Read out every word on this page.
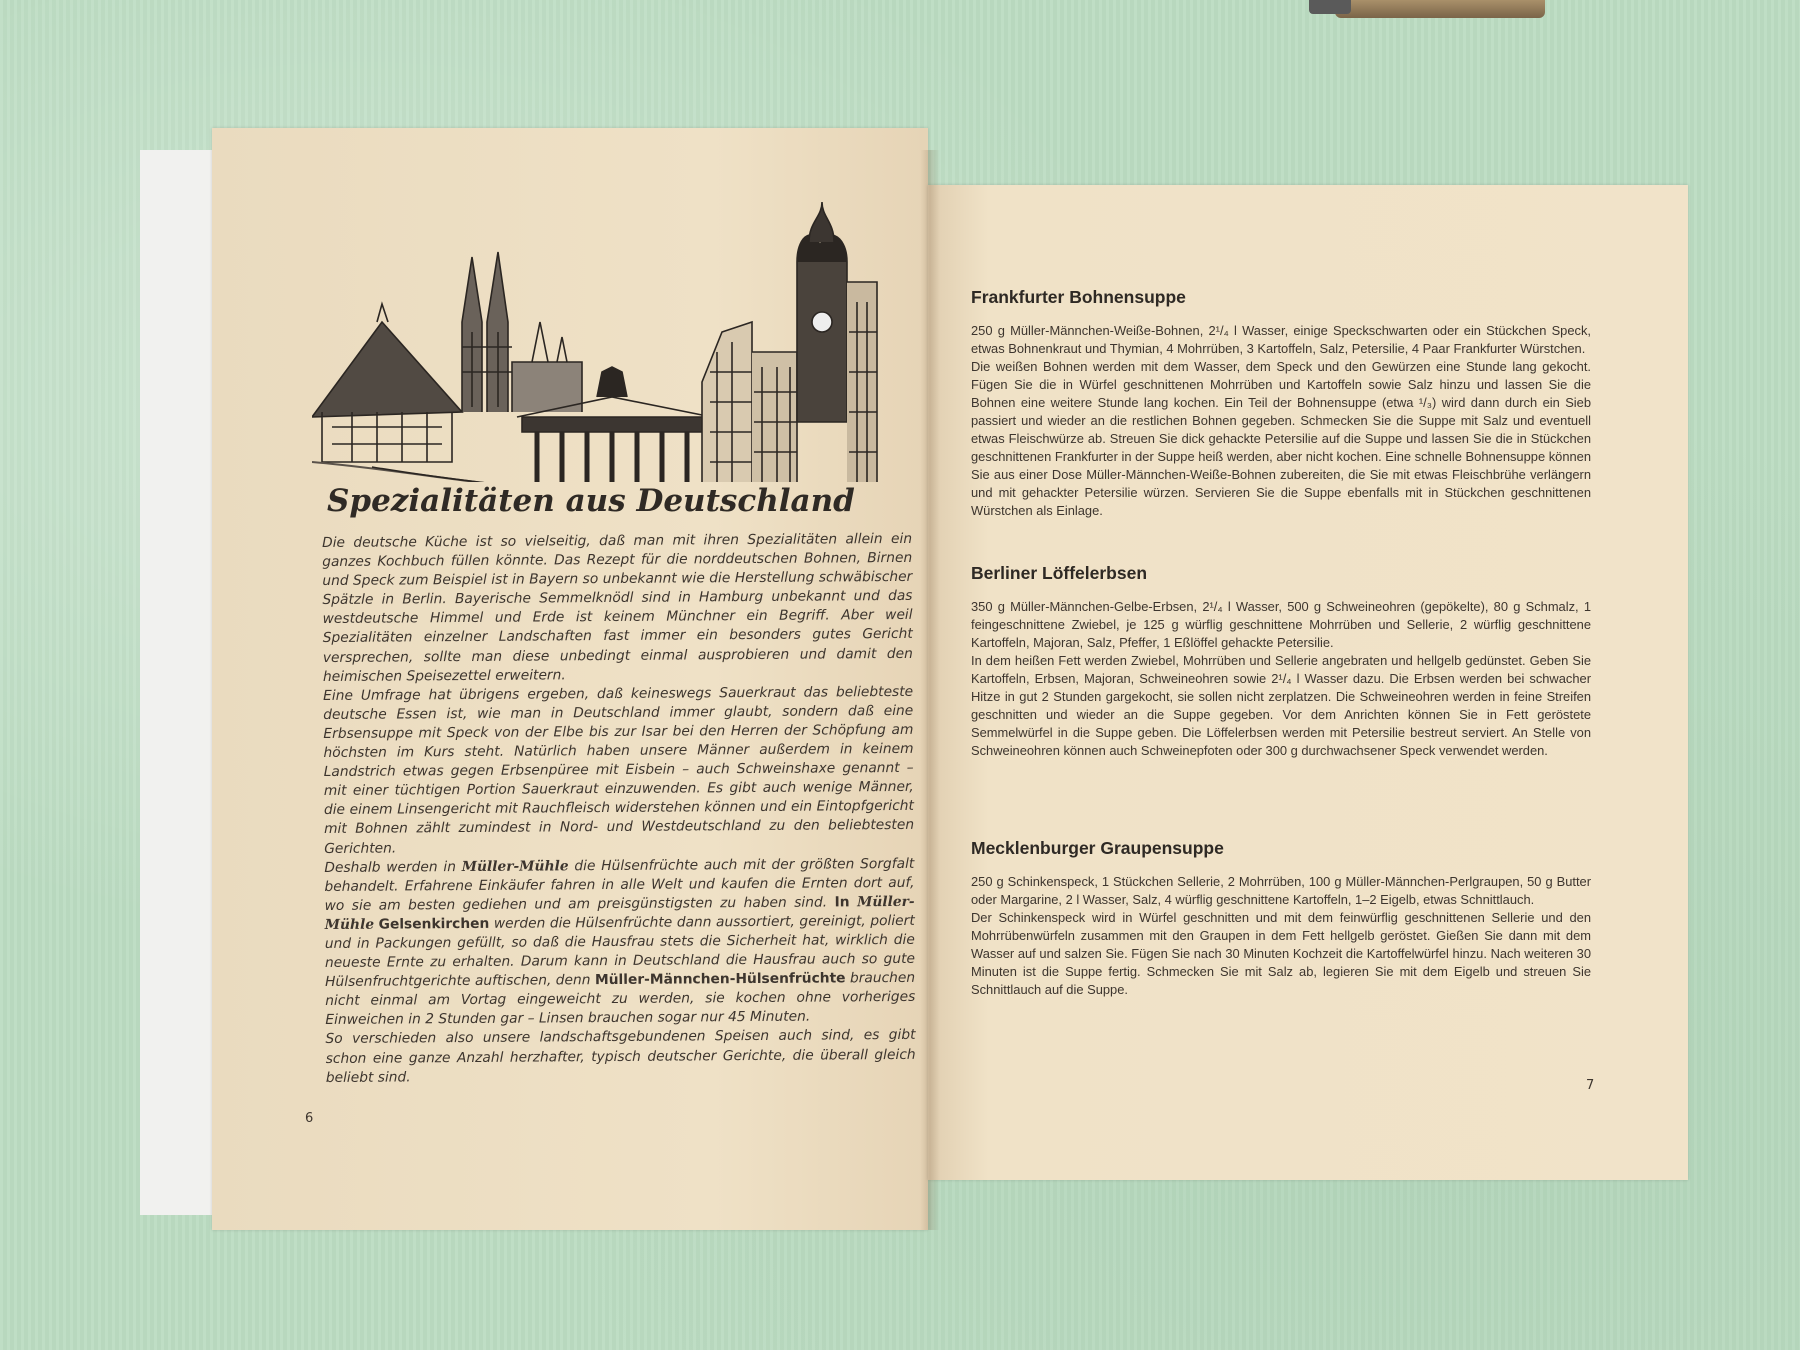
Spezialitäten aus Deutschland

Die deutsche Küche ist so vielseitig, daß man mit ihren Spezialitäten allein ein ganzes Kochbuch füllen könnte. Das Rezept für die norddeutschen Bohnen, Birnen und Speck zum Beispiel ist in Bayern so unbekannt wie die Herstellung schwäbischer Spätzle in Berlin. Bayerische Semmelknödl sind in Hamburg unbekannt und das westdeutsche Himmel und Erde ist keinem Münchner ein Begriff. Aber weil Spezialitäten einzelner Landschaften fast immer ein besonders gutes Gericht versprechen, sollte man diese unbedingt einmal ausprobieren und damit den heimischen Speisezettel erweitern.

Eine Umfrage hat übrigens ergeben, daß keineswegs Sauerkraut das beliebteste deutsche Essen ist, wie man in Deutschland immer glaubt, sondern daß eine Erbsensuppe mit Speck von der Elbe bis zur Isar bei den Herren der Schöpfung am höchsten im Kurs steht. Natürlich haben unsere Männer außerdem in keinem Landstrich etwas gegen Erbsenpüree mit Eisbein – auch Schweinshaxe genannt – mit einer tüchtigen Portion Sauerkraut einzuwenden. Es gibt auch wenige Männer, die einem Linsengericht mit Rauchfleisch widerstehen können und ein Eintopfgericht mit Bohnen zählt zumindest in Nord- und Westdeutschland zu den beliebtesten Gerichten.

Deshalb werden in Müller-Mühle die Hülsenfrüchte auch mit der größten Sorgfalt behandelt. Erfahrene Einkäufer fahren in alle Welt und kaufen die Ernten dort auf, wo sie am besten gediehen und am preisgünstigsten zu haben sind. In Müller-Mühle Gelsenkirchen werden die Hülsenfrüchte dann aussortiert, gereinigt, poliert und in Packungen gefüllt, so daß die Hausfrau stets die Sicherheit hat, wirklich die neueste Ernte zu erhalten. Darum kann in Deutschland die Hausfrau auch so gute Hülsenfruchtgerichte auftischen, denn Müller-Männchen-Hülsenfrüchte brauchen nicht einmal am Vortag eingeweicht zu werden, sie kochen ohne vorheriges Einweichen in 2 Stunden gar – Linsen brauchen sogar nur 45 Minuten.

So verschieden also unsere landschaftsgebundenen Speisen auch sind, es gibt schon eine ganze Anzahl herzhafter, typisch deutscher Gerichte, die überall gleich beliebt sind.

6
Frankfurter Bohnensuppe

250 g Müller-Männchen-Weiße-Bohnen, 2¹/₄ l Wasser, einige Speckschwarten oder ein Stückchen Speck, etwas Bohnenkraut und Thymian, 4 Mohrrüben, 3 Kartoffeln, Salz, Petersilie, 4 Paar Frankfurter Würstchen.

Die weißen Bohnen werden mit dem Wasser, dem Speck und den Gewürzen eine Stunde lang gekocht. Fügen Sie die in Würfel geschnittenen Mohrrüben und Kartoffeln sowie Salz hinzu und lassen Sie die Bohnen eine weitere Stunde lang kochen. Ein Teil der Bohnensuppe (etwa ¹/₃) wird dann durch ein Sieb passiert und wieder an die restlichen Bohnen gegeben. Schmecken Sie die Suppe mit Salz und eventuell etwas Fleischwürze ab. Streuen Sie dick gehackte Petersilie auf die Suppe und lassen Sie die in Stückchen geschnittenen Frankfurter in der Suppe heiß werden, aber nicht kochen. Eine schnelle Bohnensuppe können Sie aus einer Dose Müller-Männchen-Weiße-Bohnen zubereiten, die Sie mit etwas Fleischbrühe verlängern und mit gehackter Petersilie würzen. Servieren Sie die Suppe ebenfalls mit in Stückchen geschnittenen Würstchen als Einlage.

Berliner Löffelerbsen

350 g Müller-Männchen-Gelbe-Erbsen, 2¹/₄ l Wasser, 500 g Schweineohren (gepökelte), 80 g Schmalz, 1 feingeschnittene Zwiebel, je 125 g würflig geschnittene Mohrrüben und Sellerie, 2 würflig geschnittene Kartoffeln, Majoran, Salz, Pfeffer, 1 Eßlöffel gehackte Petersilie.

In dem heißen Fett werden Zwiebel, Mohrrüben und Sellerie angebraten und hellgelb gedünstet. Geben Sie Kartoffeln, Erbsen, Majoran, Schweineohren sowie 2¹/₄ l Wasser dazu. Die Erbsen werden bei schwacher Hitze in gut 2 Stunden gargekocht, sie sollen nicht zerplatzen. Die Schweineohren werden in feine Streifen geschnitten und wieder an die Suppe gegeben. Vor dem Anrichten können Sie in Fett geröstete Semmelwürfel in die Suppe geben. Die Löffelerbsen werden mit Petersilie bestreut serviert. An Stelle von Schweineohren können auch Schweinepfoten oder 300 g durchwachsener Speck verwendet werden.

Mecklenburger Graupensuppe

250 g Schinkenspeck, 1 Stückchen Sellerie, 2 Mohrrüben, 100 g Müller-Männchen-Perlgraupen, 50 g Butter oder Margarine, 2 l Wasser, Salz, 4 würflig geschnittene Kartoffeln, 1–2 Eigelb, etwas Schnittlauch.

Der Schinkenspeck wird in Würfel geschnitten und mit dem feinwürflig geschnittenen Sellerie und den Mohrrübenwürfeln zusammen mit den Graupen in dem Fett hellgelb geröstet. Gießen Sie dann mit dem Wasser auf und salzen Sie. Fügen Sie nach 30 Minuten Kochzeit die Kartoffelwürfel hinzu. Nach weiteren 30 Minuten ist die Suppe fertig. Schmecken Sie mit Salz ab, legieren Sie mit dem Eigelb und streuen Sie Schnittlauch auf die Suppe.

7
